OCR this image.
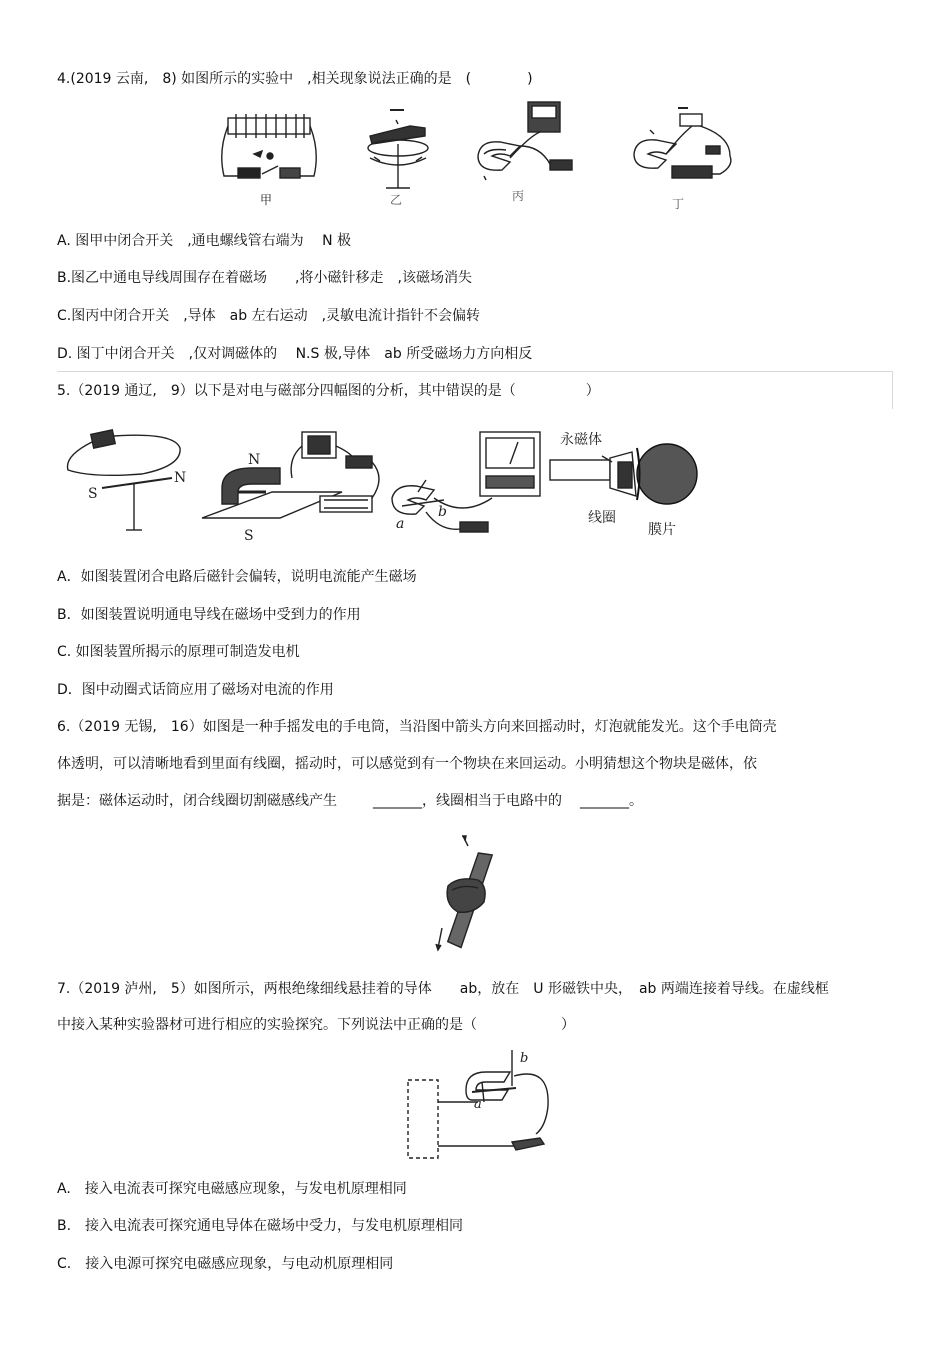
4.(2019 云南,　8) 如图所示的实验中　,相关现象说法正确的是　(　　　　)
甲	乙	丙
丁
A. 图甲中闭合开关　,通电螺线管右端为　 N 极
B.图乙中通电导线周围存在着磁场　　,将小磁针移走　,该磁场消失
C.图丙中闭合开关　,导体　ab 左右运动　,灵敏电流计指针不会偏转
D. 图丁中闭合开关　,仅对调磁体的　 N.S 极,导体　ab 所受磁场力方向相反
5.（2019 通辽,　9）以下是对电与磁部分四幅图的分析，其中错误的是（　　　　　）
S
N
N
S
a
b
永磁体
线圈
膜片
A．如图装置闭合电路后磁针会偏转，说明电流能产生磁场
B．如图装置说明通电导线在磁场中受到力的作用
C. 如图装置所揭示的原理可制造发电机
D．图中动圈式话筒应用了磁场对电流的作用
6.（2019 无锡,　16）如图是一种手摇发电的手电筒，当沿图中箭头方向来回摇动时，灯泡就能发光。这个手电筒壳
体透明，可以清晰地看到里面有线圈，摇动时，可以感觉到有一个物块在来回运动。小明猜想这个物块是磁体，依
据是：磁体运动时，闭合线圈切割磁感线产生	_______，线圈相当于电路中的 _______。
7.（2019 泸州,　5）如图所示，两根绝缘细线悬挂着的导体　　ab，放在　U 形磁铁中央，　ab 两端连接着导线。在虚线框
中接入某种实验器材可进行相应的实验探究。下列说法中正确的是（　　　　　　）
b
a
A.　接入电流表可探究电磁感应现象，与发电机原理相同
B.　接入电流表可探究通电导体在磁场中受力，与发电机原理相同
C.　接入电源可探究电磁感应现象，与电动机原理相同
